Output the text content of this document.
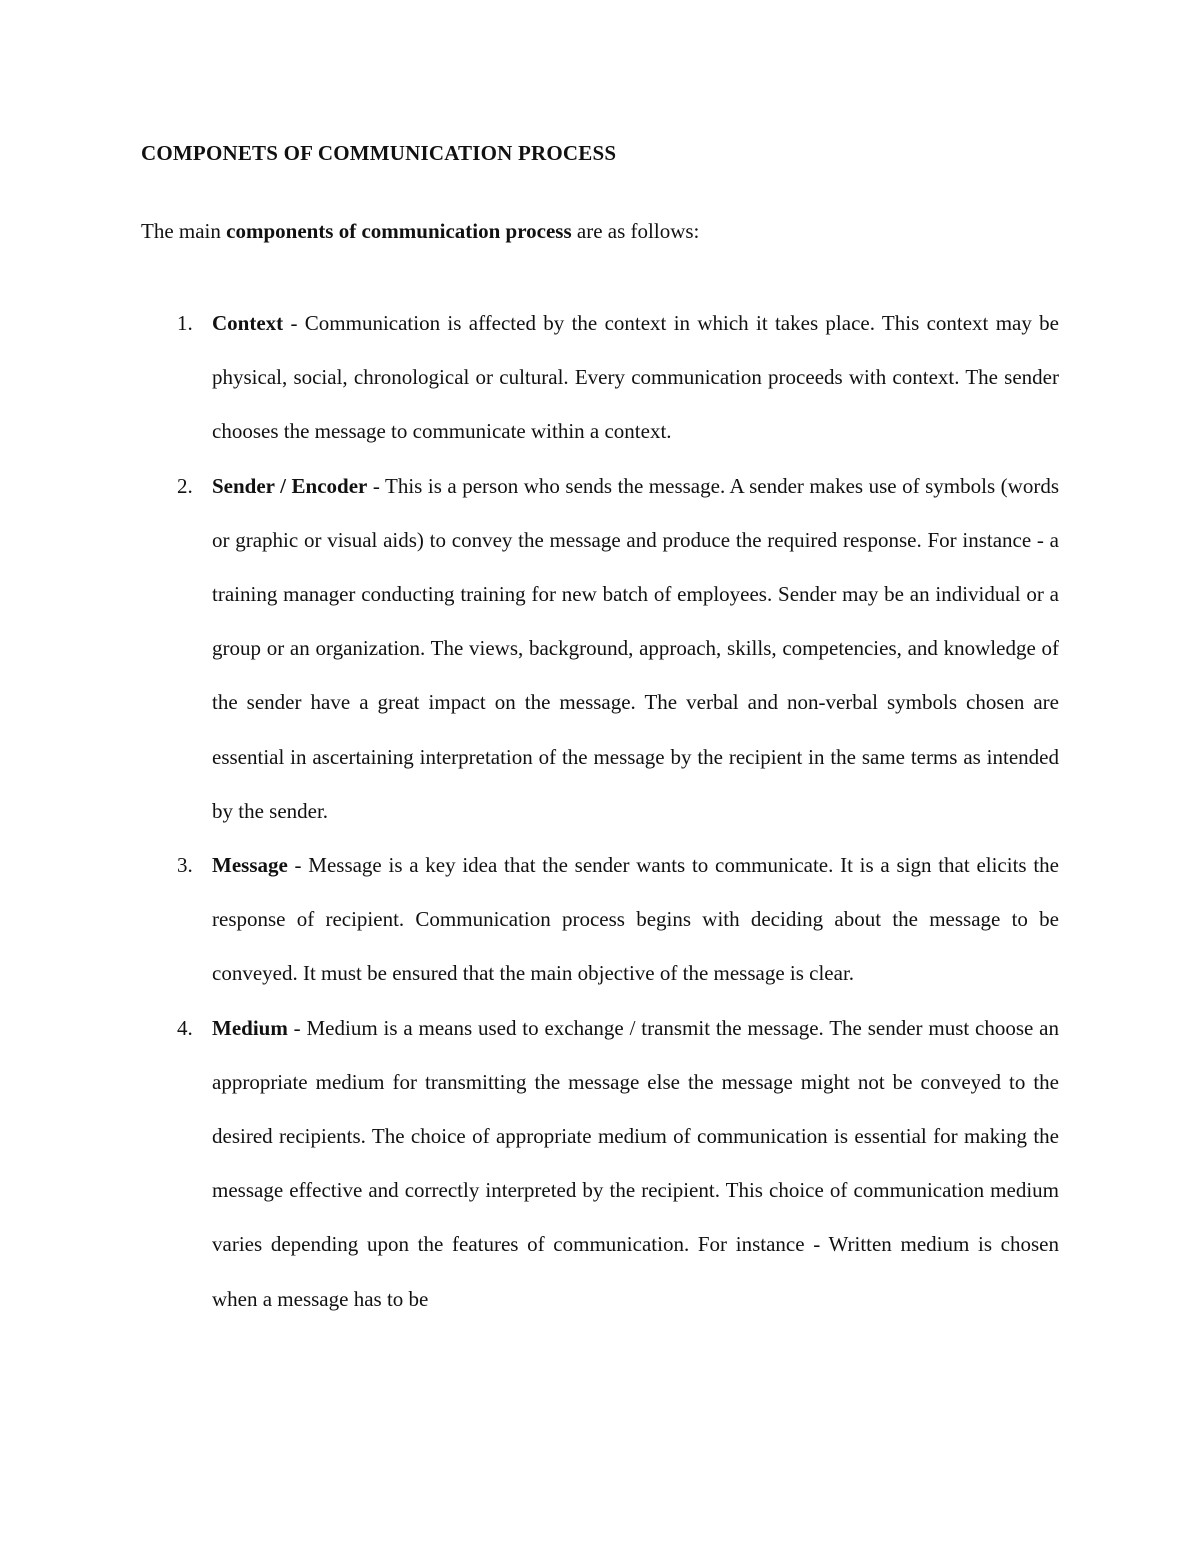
COMPONETS OF COMMUNICATION PROCESS

The main components of communication process are as follows:

1. Context - Communication is affected by the context in which it takes place. This context may be physical, social, chronological or cultural. Every communication proceeds with context. The sender chooses the message to communicate within a context.
2. Sender / Encoder - This is a person who sends the message. A sender makes use of symbols (words or graphic or visual aids) to convey the message and produce the required response. For instance - a training manager conducting training for new batch of employees. Sender may be an individual or a group or an organization. The views, background, approach, skills, competencies, and knowledge of the sender have a great impact on the message. The verbal and non-verbal symbols chosen are essential in ascertaining interpretation of the message by the recipient in the same terms as intended by the sender.
3. Message - Message is a key idea that the sender wants to communicate. It is a sign that elicits the response of recipient. Communication process begins with deciding about the message to be conveyed. It must be ensured that the main objective of the message is clear.
4. Medium - Medium is a means used to exchange / transmit the message. The sender must choose an appropriate medium for transmitting the message else the message might not be conveyed to the desired recipients. The choice of appropriate medium of communication is essential for making the message effective and correctly interpreted by the recipient. This choice of communication medium varies depending upon the features of communication. For instance - Written medium is chosen when a message has to be
